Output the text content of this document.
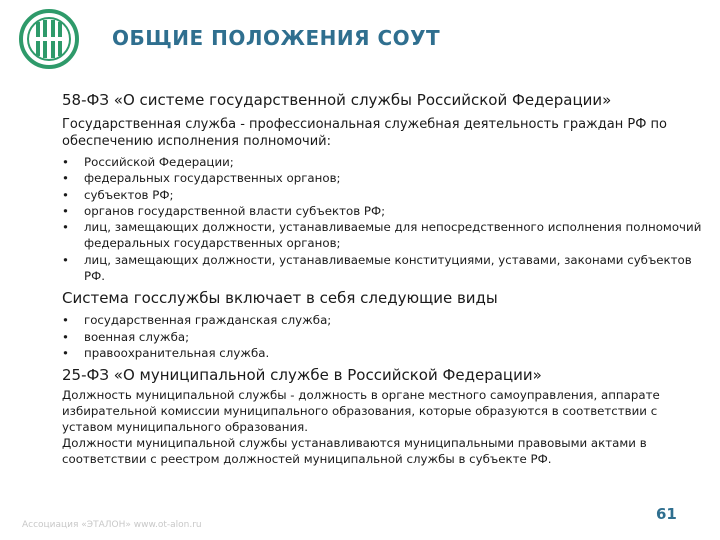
ОБЩИЕ ПОЛОЖЕНИЯ СОУТ
58-ФЗ «О системе государственной службы Российской Федерации»

Государственная служба - профессиональная служебная деятельность граждан РФ по обеспечению исполнения полномочий:

• Российской Федерации;
• федеральных государственных органов;
• субъектов РФ;
• органов государственной власти субъектов РФ;
• лиц, замещающих должности, устанавливаемые для непосредственного исполнения полномочий федеральных государственных органов;
• лиц, замещающих должности, устанавливаемые конституциями, уставами, законами субъектов РФ.
Система госслужбы включает в себя следующие виды
• государственная гражданская служба;
• военная служба;
• правоохранительная служба.
25-ФЗ «О муниципальной службе в Российской Федерации»

Должность муниципальной службы - должность в органе местного самоуправления, аппарате избирательной комиссии муниципального образования, которые образуются в соответствии с уставом муниципального образования.

Должности муниципальной службы устанавливаются муниципальными правовыми актами в соответствии с реестром должностей муниципальной службы в субъекте РФ.

Ассоциация «ЭТАЛОН» www.ot-alon.ru
61
